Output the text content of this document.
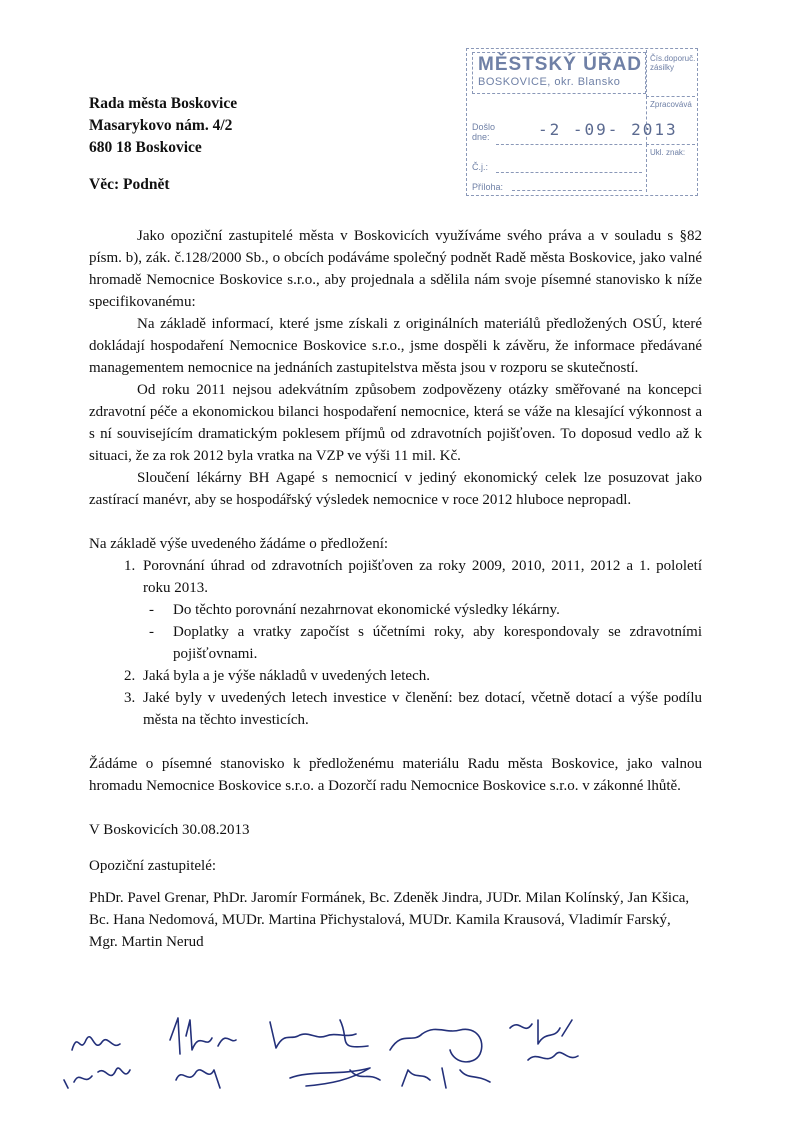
MĚSTSKÝ ÚŘAD
BOSKOVICE, okr. Blansko
Čís.doporuč. zásilky
Zpracovává
Ukl. znak:
Došlo dne:	-2 -09- 2013
Č.j.:
Příloha:
Rada města Boskovice
Masarykovo nám. 4/2
680 18 Boskovice
Věc: Podnět

Jako opoziční zastupitelé města v Boskovicích využíváme svého práva a v souladu s §82 písm. b), zák. č.128/2000 Sb., o obcích podáváme společný podnět Radě města Boskovice, jako valné hromadě Nemocnice Boskovice s.r.o., aby projednala a sdělila nám svoje písemné stanovisko k níže specifikovanému:

Na základě informací, které jsme získali z originálních materiálů předložených OSÚ, které dokládají hospodaření Nemocnice Boskovice s.r.o., jsme dospěli k závěru, že informace předávané managementem nemocnice na jednáních zastupitelstva města jsou v rozporu se skutečností.

Od roku 2011 nejsou adekvátním způsobem zodpovězeny otázky směřované na koncepci zdravotní péče a ekonomickou bilanci hospodaření nemocnice, která se váže na klesající výkonnost a s ní souvisejícím dramatickým poklesem příjmů od zdravotních pojišťoven. To doposud vedlo až k situaci, že za rok 2012 byla vratka na VZP ve výši 11 mil. Kč.

Sloučení lékárny BH Agapé s nemocnicí v jediný ekonomický celek lze posuzovat jako zastírací manévr, aby se hospodářský výsledek nemocnice v roce 2012 hluboce nepropadl.

Na základě výše uvedeného žádáme o předložení:

1. Porovnání úhrad od zdravotních pojišťoven za roky 2009, 2010, 2011, 2012 a 1. pololetí roku 2013.
- Do těchto porovnání nezahrnovat ekonomické výsledky lékárny.
- Doplatky a vratky započíst s účetními roky, aby korespondovaly se zdravotními pojišťovnami.
2. Jaká byla a je výše nákladů v uvedených letech.
3. Jaké byly v uvedených letech investice v členění: bez dotací, včetně dotací a výše podílu města na těchto investicích.

Žádáme o písemné stanovisko k předloženému materiálu Radu města Boskovice, jako valnou hromadu Nemocnice Boskovice s.r.o. a Dozorčí radu Nemocnice Boskovice s.r.o. v zákonné lhůtě.

V Boskovicích 30.08.2013

Opoziční zastupitelé:

PhDr. Pavel Grenar, PhDr. Jaromír Formánek, Bc. Zdeněk Jindra, JUDr. Milan Kolínský, Jan Kšica, Bc. Hana Nedomová, MUDr. Martina Přichystalová, MUDr. Kamila Krausová, Vladimír Farský, Mgr. Martin Nerud
